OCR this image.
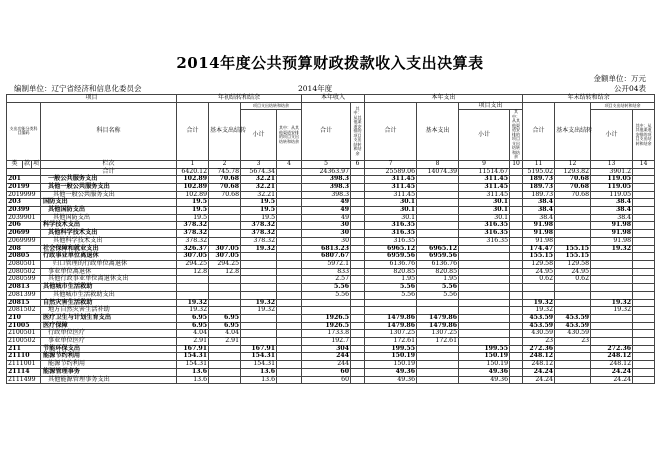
2014年度公共预算财政拨款收入支出决算表
金额单位：万元
编制单位：辽宁省经济和信息化委员会	2014年度	公开04表
项目				年初结转和结余				本年收入		本年支出				年末结转和结余			
支出功能分类科目编码			科目名称	合计	基本支出结转	项目支出结转和结余		合计	其中：从其他渠道安排的项目支出结转和结余	合计	基本支出	项目支出		合计	基本支出结转	项目支出结转和结余	
						小计	其中：从其他渠道安排的项目支出结转和结余					小计	其中：从其他渠道安排的项目支出结转和结余			小计	其中：从其他渠道安排的项目支出结转和结余
类	款	项	栏次	1	2	3	4	5	6	7	8	9	10	11	12	13	14
			合计	6420.12	745.78	5674.34		24363.97		25589.06	14074.39	11514.67		5195.02	1293.82	3901.2	
201			一般公共服务支出	102.89	70.68	32.21		398.3		311.45		311.45		189.73	70.68	119.05	
20199			其他一般公共服务支出	102.89	70.68	32.21		398.3		311.45		311.45		189.73	70.68	119.05	
2019999			其他一般公共服务支出	102.89	70.68	32.21		398.3		311.45		311.45		189.73	70.68	119.05	
203			国防支出	19.5		19.5		49		30.1		30.1		38.4		38.4	
20399			其他国防支出	19.5		19.5		49		30.1		30.1		38.4		38.4	
2039901			其他国防支出	19.5		19.5		49		30.1		30.1		38.4		38.4	
206			科学技术支出	378.32		378.32		30		316.35		316.35		91.98		91.98	
20699			其他科学技术支出	378.32		378.32		30		316.35		316.35		91.98		91.98	
2069999			其他科学技术支出	378.32		378.32		30		316.35		316.35		91.98		91.98	
208			社会保障和就业支出	326.37	307.05	19.32		6813.23		6965.12	6965.12			174.47	155.15	19.32	
20805			行政事业单位离退休	307.05	307.05			6807.67		6959.56	6959.56			155.15	155.15		
2080501			归口管理的行政单位离退休	294.25	294.25			5972.1		6136.76	6136.76			129.58	129.58		
2080502			事业单位离退休	12.8	12.8			833		820.85	820.85			24.95	24.95		
2080599			其他行政事业单位离退休支出					2.57		1.95	1.95			0.62	0.62		
20813			其他城市生活救助					5.56		5.56	5.56						
2081399			其他城市生活救助支出					5.56		5.56	5.56						
20815			自然灾害生活救助	19.32		19.32								19.32		19.32	
2081502			地方自然灾害生活补助	19.32		19.32								19.32		19.32	
210			医疗卫生与计划生育支出	6.95	6.95			1926.5		1479.86	1479.86			453.59	453.59		
21005			医疗保障	6.95	6.95			1926.5		1479.86	1479.86			453.59	453.59		
2100501			行政单位医疗	4.04	4.04			1733.8		1307.25	1307.25			430.59	430.59		
2100502			事业单位医疗	2.91	2.91			192.7		172.61	172.61			23	23		
211			节能环保支出	167.91		167.91		304		199.55		199.55		272.36		272.36	
21110			能源节约利用	154.31		154.31		244		150.19		150.19		248.12		248.12	
2111001			能源节约利用	154.31		154.31		244		150.19		150.19		248.12		248.12	
21114			能源管理事务	13.6		13.6		60		49.36		49.36		24.24		24.24	
2111499			其他能源管理事务支出	13.6		13.6		60		49.36		49.36		24.24		24.24	
